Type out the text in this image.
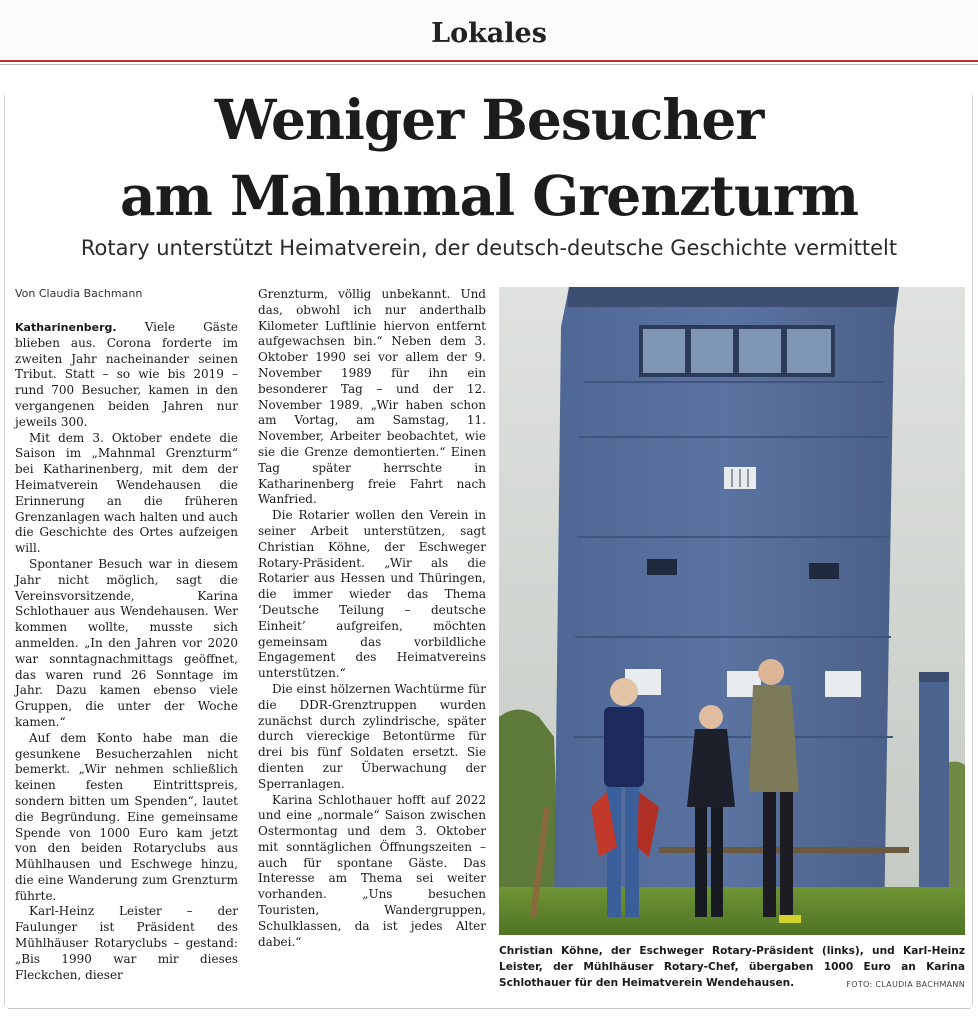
Lokales
Weniger Besucher
am Mahnmal Grenzturm
Rotary unterstützt Heimatverein, der deutsch-deutsche Geschichte vermittelt
Von Claudia Bachmann

Katharinenberg. Viele Gäste blieben aus. Corona forderte im zweiten Jahr nacheinander seinen Tribut. Statt – so wie bis 2019 – rund 700 Besucher, kamen in den vergangenen beiden Jahren nur jeweils 300.

Mit dem 3. Oktober endete die Saison im „Mahnmal Grenzturm“ bei Katharinenberg, mit dem der Heimatverein Wendehausen die Erinnerung an die früheren Grenzanlagen wach halten und auch die Geschichte des Ortes aufzeigen will.

Spontaner Besuch war in diesem Jahr nicht möglich, sagt die Vereinsvorsitzende, Karina Schlothauer aus Wendehausen. Wer kommen wollte, musste sich anmelden. „In den Jahren vor 2020 war sonntagnachmittags geöffnet, das waren rund 26 Sonntage im Jahr. Dazu kamen ebenso viele Gruppen, die unter der Woche kamen.“

Auf dem Konto habe man die gesunkene Besucherzahlen nicht bemerkt. „Wir nehmen schließlich keinen festen Eintrittspreis, sondern bitten um Spenden“, lautet die Begründung. Eine gemeinsame Spende von 1000 Euro kam jetzt von den beiden Rotaryclubs aus Mühlhausen und Eschwege hinzu, die eine Wanderung zum Grenzturm führte.

Karl-Heinz Leister – der Faulunger ist Präsident des Mühlhäuser Rotaryclubs – gestand: „Bis 1990 war mir dieses Fleckchen, dieser

Grenzturm, völlig unbekannt. Und das, obwohl ich nur anderthalb Kilometer Luftlinie hiervon entfernt aufgewachsen bin.“ Neben dem 3. Oktober 1990 sei vor allem der 9. November 1989 für ihn ein besonderer Tag – und der 12. November 1989. „Wir haben schon am Vortag, am Samstag, 11. November, Arbeiter beobachtet, wie sie die Grenze demontierten.“ Einen Tag später herrschte in Katharinenberg freie Fahrt nach Wanfried.

Die Rotarier wollen den Verein in seiner Arbeit unterstützen, sagt Christian Köhne, der Eschweger Rotary-Präsident. „Wir als die Rotarier aus Hessen und Thüringen, die immer wieder das Thema ‘Deutsche Teilung – deutsche Einheit’ aufgreifen, möchten gemeinsam das vorbildliche Engagement des Heimatvereins unterstützen.“

Die einst hölzernen Wachtürme für die DDR-Grenztruppen wurden zunächst durch zylindrische, später durch viereckige Betontürme für drei bis fünf Soldaten ersetzt. Sie dienten zur Überwachung der Sperranlagen.

Karina Schlothauer hofft auf 2022 und eine „normale“ Saison zwischen Ostermontag und dem 3. Oktober mit sonntäglichen Öffnungszeiten – auch für spontane Gäste. Das Interesse am Thema sei weiter vorhanden. „Uns besuchen Touristen, Wandergruppen, Schulklassen, da ist jedes Alter dabei.“

Christian Köhne, der Eschweger Rotary-Präsident (links), und Karl-Heinz Leister, der Mühlhäuser Rotary-Chef, übergaben 1000 Euro an Karina Schlothauer für den Heimatverein Wendehausen.	FOTO: CLAUDIA BACHMANN
